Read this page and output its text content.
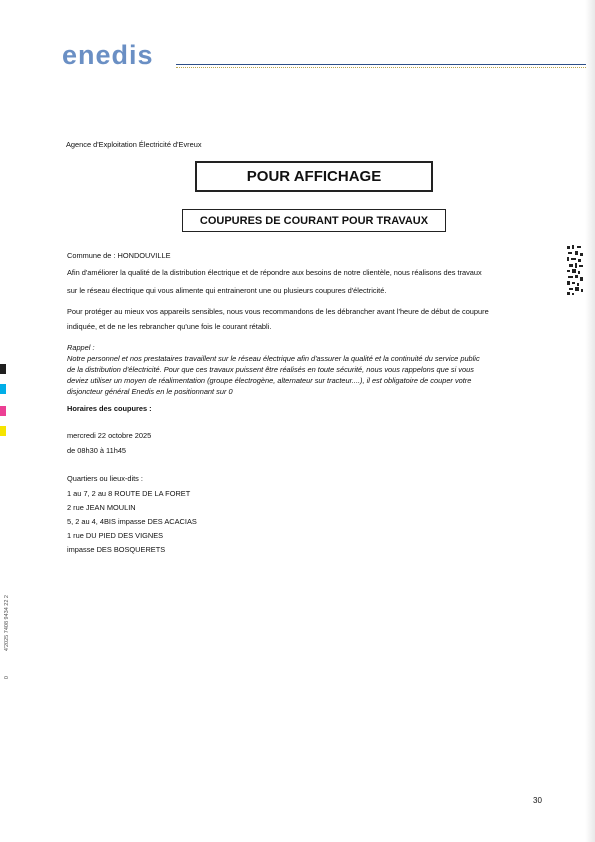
enedis
Agence d'Exploitation Électricité d'Evreux
POUR AFFICHAGE
COUPURES DE COURANT POUR TRAVAUX
Commune de : HONDOUVILLE
Afin d'améliorer la qualité de la distribution électrique et de répondre aux besoins de notre clientèle, nous réalisons des travaux
sur le réseau électrique qui vous alimente qui entraineront une ou plusieurs coupures d'électricité.
Pour protéger au mieux vos appareils sensibles, nous vous recommandons de les débrancher avant l'heure de début de coupure
indiquée, et de ne les rebrancher qu'une fois le courant rétabli.
Rappel :
Notre personnel et nos prestataires travaillent sur le réseau électrique afin d'assurer la qualité et la continuité du service public
de la distribution d'électricité. Pour que ces travaux puissent être réalisés en toute sécurité, nous vous rappelons que si vous
deviez utiliser un moyen de réalimentation (groupe électrogène, alternateur sur tracteur....), il est obligatoire de couper votre
disjoncteur général Enedis en le positionnant sur 0
Horaires des coupures :
mercredi 22 octobre 2025
de 08h30 à 11h45
Quartiers ou lieux-dits :
1 au 7, 2 au 8 ROUTE DE LA FORET
2 rue JEAN MOULIN
5, 2 au 4, 4BIS impasse DES ACACIAS
1 rue DU PIED DES VIGNES
impasse DES BOSQUERETS
4'2025 7408 9434 22 2
0
30
